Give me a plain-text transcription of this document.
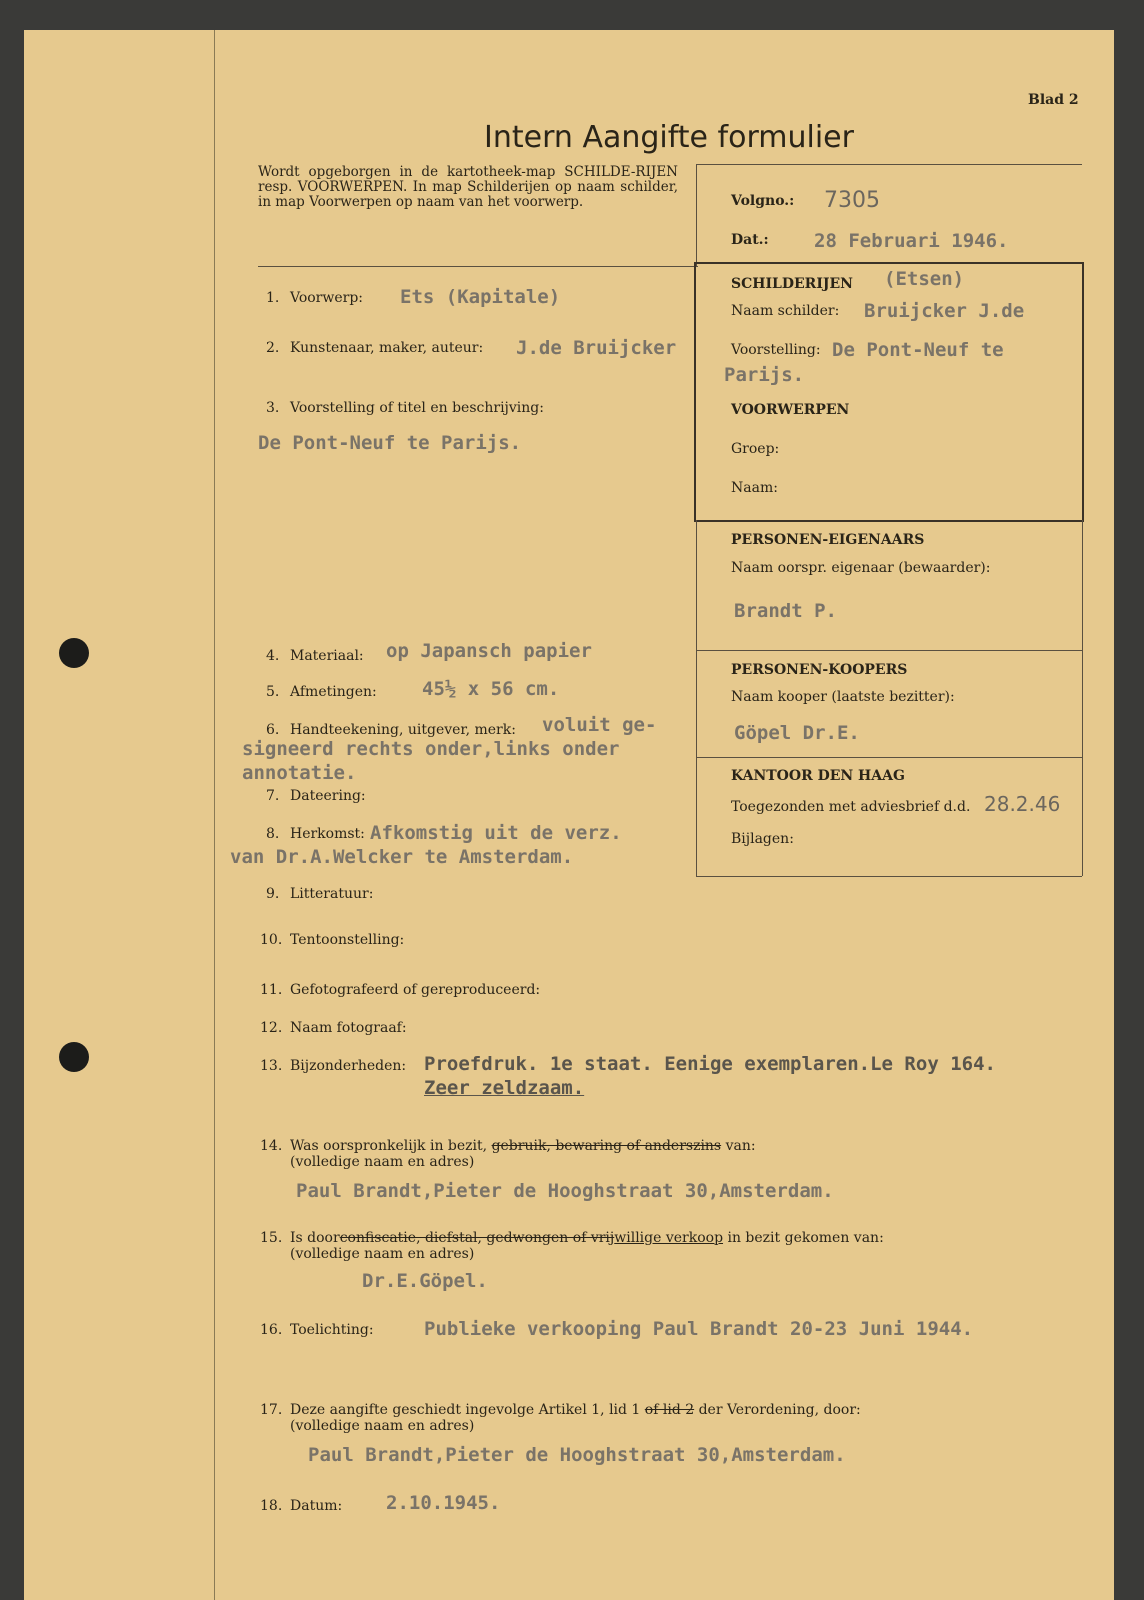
Blad 2
Intern Aangifte formulier
Wordt opgeborgen in de kartotheek-map SCHILDE-RIJEN resp. VOORWERPEN. In map Schilderijen op naam schilder, in map Voorwerpen op naam van het voorwerp.	Volgno.: 7305
Dat.: 28 Februari 1946.
SCHILDERIJEN (Etsen)
Naam schilder: Bruijcker J.de
Voorstelling: De Pont-Neuf te
Parijs.
VOORWERPEN
Groep:
Naam:
PERSONEN-EIGENAARS
Naam oorspr. eigenaar (bewaarder):
Brandt P.
PERSONEN-KOOPERS
Naam kooper (laatste bezitter):
Göpel Dr.E.
KANTOOR DEN HAAG
Toegezonden met adviesbrief d.d. 28.2.46
Bijlagen:
1. Voorwerp: Ets (Kapitale)
2. Kunstenaar, maker, auteur: J.de Bruijcker
3. Voorstelling of titel en beschrijving:
De Pont-Neuf te Parijs.
4. Materiaal: op Japansch papier
5. Afmetingen: 45½ x 56 cm.
6. Handteekening, uitgever, merk: voluit ge-
signeerd rechts onder,links onder
annotatie.
7. Dateering:
8. Herkomst: Afkomstig uit de verz.
van Dr.A.Welcker te Amsterdam.
9. Litteratuur:
10. Tentoonstelling:
11. Gefotografeerd of gereproduceerd:
12. Naam fotograaf:
13. Bijzonderheden: Proefdruk. 1e staat. Eenige exemplaren.Le Roy 164.
Zeer zeldzaam.
14. Was oorspronkelijk in bezit, gebruik, bewaring of anderszins van:
(volledige naam en adres)
Paul Brandt,Pieter de Hooghstraat 30,Amsterdam.
15. Is doorconfiscatie, diefstal, gedwongen of vrijwillige verkoop in bezit gekomen van:
(volledige naam en adres)
Dr.E.Göpel.
16. Toelichting:	Publieke verkooping Paul Brandt 20-23 Juni 1944.
17. Deze aangifte geschiedt ingevolge Artikel 1, lid 1 of lid 2 der Verordening, door:
(volledige naam en adres)
Paul Brandt,Pieter de Hooghstraat 30,Amsterdam.
18. Datum: 2.10.1945.
